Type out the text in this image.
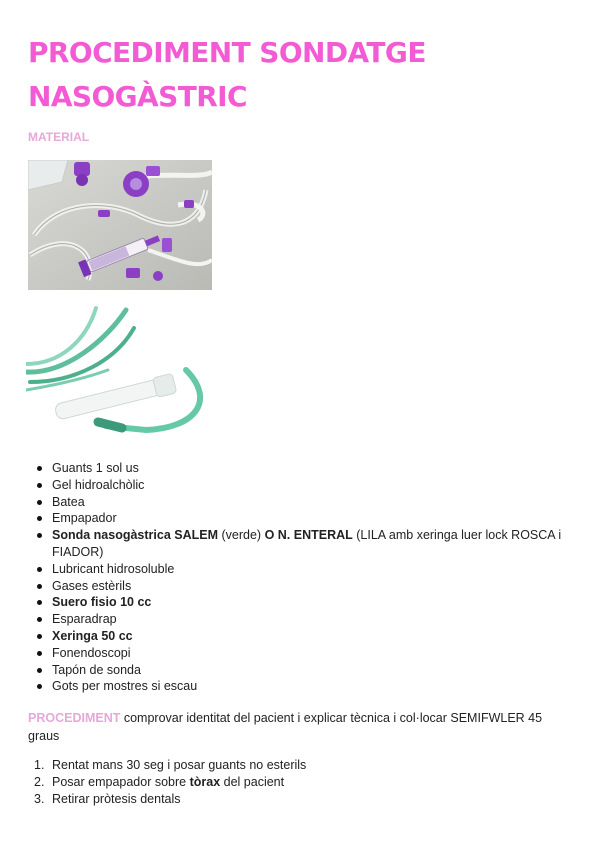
PROCEDIMENT SONDATGE NASOGÀSTRIC
MATERIAL
Guants 1 sol us
Gel hidroalchòlic
Batea
Empapador
Sonda nasogàstrica SALEM (verde) O N. ENTERAL (LILA amb xeringa luer lock ROSCA i FIADOR)
Lubricant hidrosoluble
Gases estèrils
Suero fisio 10 cc
Esparadrap
Xeringa 50 cc
Fonendoscopi
Tapón de sonda
Gots per mostres si escau
PROCEDIMENT comprovar identitat del pacient i explicar tècnica i col·locar SEMIFWLER 45 graus
1. Rentat mans 30 seg i posar guants no esterils
2. Posar empapador sobre tòrax del pacient
3. Retirar pròtesis dentals
